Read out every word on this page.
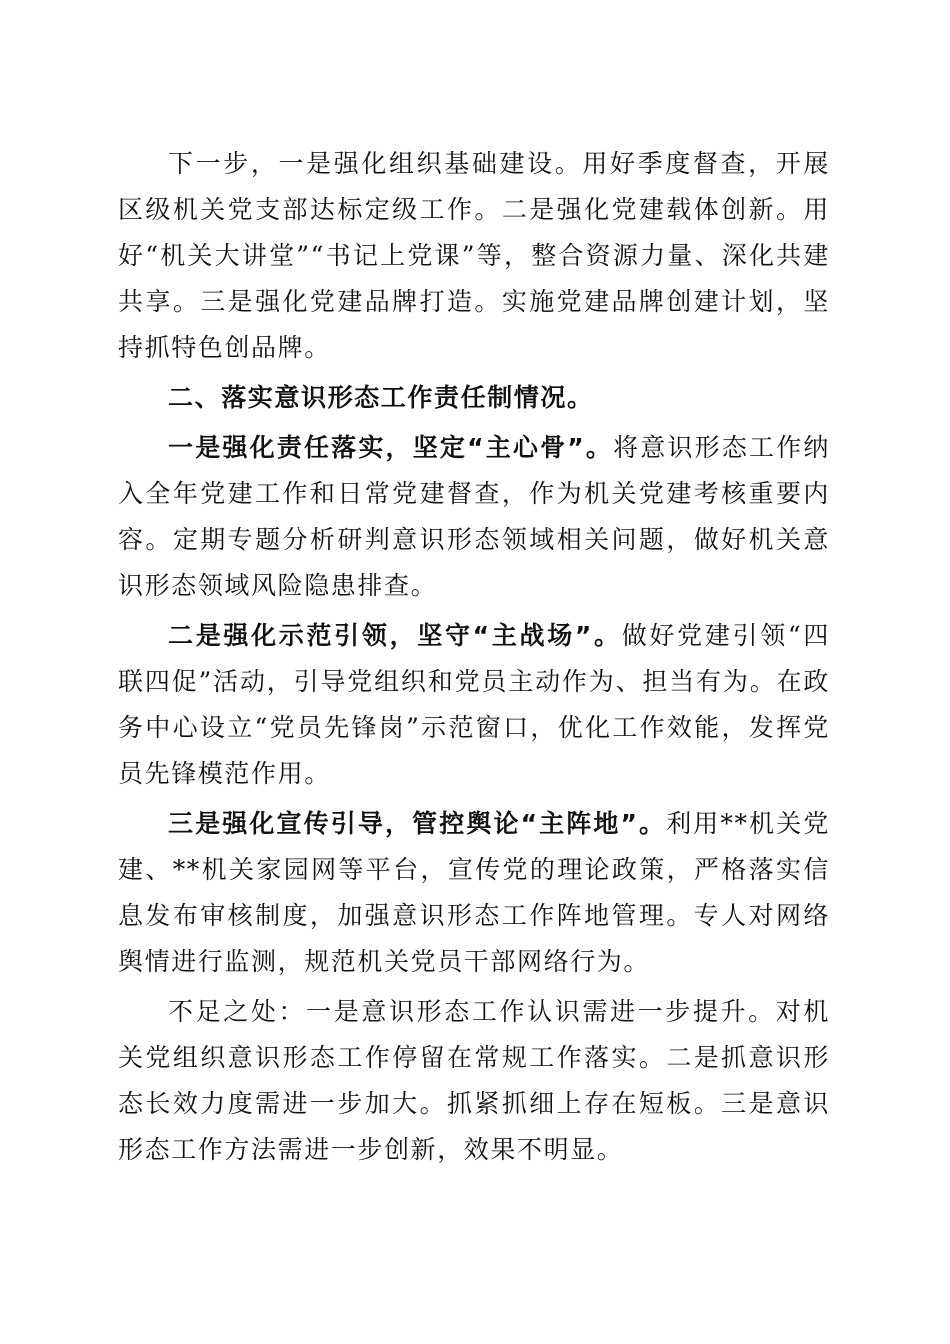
下一步，一是强化组织基础建设。用好季度督查，开展区级机关党支部达标定级工作。二是强化党建载体创新。用好“机关大讲堂”“书记上党课”等，整合资源力量、深化共建共享。三是强化党建品牌打造。实施党建品牌创建计划，坚持抓特色创品牌。

二、落实意识形态工作责任制情况。

一是强化责任落实，坚定“主心骨”。将意识形态工作纳入全年党建工作和日常党建督查，作为机关党建考核重要内容。定期专题分析研判意识形态领域相关问题，做好机关意识形态领域风险隐患排查。

二是强化示范引领，坚守“主战场”。做好党建引领“四联四促”活动，引导党组织和党员主动作为、担当有为。在政务中心设立“党员先锋岗”示范窗口，优化工作效能，发挥党员先锋模范作用。

三是强化宣传引导，管控舆论“主阵地”。利用**机关党建、**机关家园网等平台，宣传党的理论政策，严格落实信息发布审核制度，加强意识形态工作阵地管理。专人对网络舆情进行监测，规范机关党员干部网络行为。

不足之处：一是意识形态工作认识需进一步提升。对机关党组织意识形态工作停留在常规工作落实。二是抓意识形态长效力度需进一步加大。抓紧抓细上存在短板。三是意识形态工作方法需进一步创新，效果不明显。
